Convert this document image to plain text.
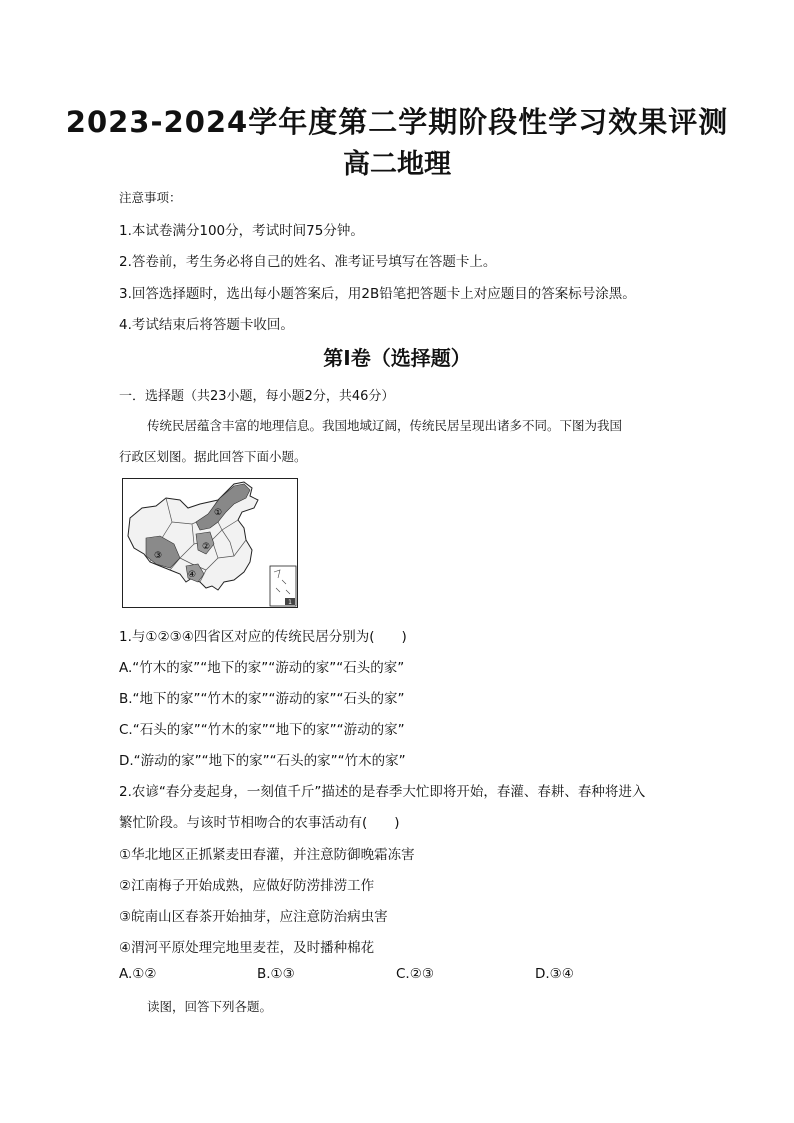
2023-2024学年度第二学期阶段性学习效果评测
高二地理
注意事项：
1.本试卷满分100分，考试时间75分钟。
2.答卷前，考生务必将自己的姓名、准考证号填写在答题卡上。
3.回答选择题时，选出每小题答案后，用2B铅笔把答题卡上对应题目的答案标号涂黑。
4.考试结束后将答题卡收回。
第Ⅰ卷（选择题）
一．选择题（共23小题，每小题2分，共46分）
传统民居蕴含丰富的地理信息。我国地域辽阔，传统民居呈现出诸多不同。下图为我国
行政区划图。据此回答下面小题。
①
②
③
④
1
1.与①②③④四省区对应的传统民居分别为(　　)
A.“竹木的家”“地下的家”“游动的家”“石头的家”
B.“地下的家”“竹木的家”“游动的家”“石头的家”
C.“石头的家”“竹木的家”“地下的家”“游动的家”
D.“游动的家”“地下的家”“石头的家”“竹木的家”
2.农谚“春分麦起身，一刻值千斤”描述的是春季大忙即将开始，春灌、春耕、春种将进入
繁忙阶段。与该时节相吻合的农事活动有(　　)
①华北地区正抓紧麦田春灌，并注意防御晚霜冻害
②江南梅子开始成熟，应做好防涝排涝工作
③皖南山区春茶开始抽芽，应注意防治病虫害
④渭河平原处理完地里麦茬，及时播种棉花
A.①②	B.①③	C.②③	D.③④
读图，回答下列各题。
